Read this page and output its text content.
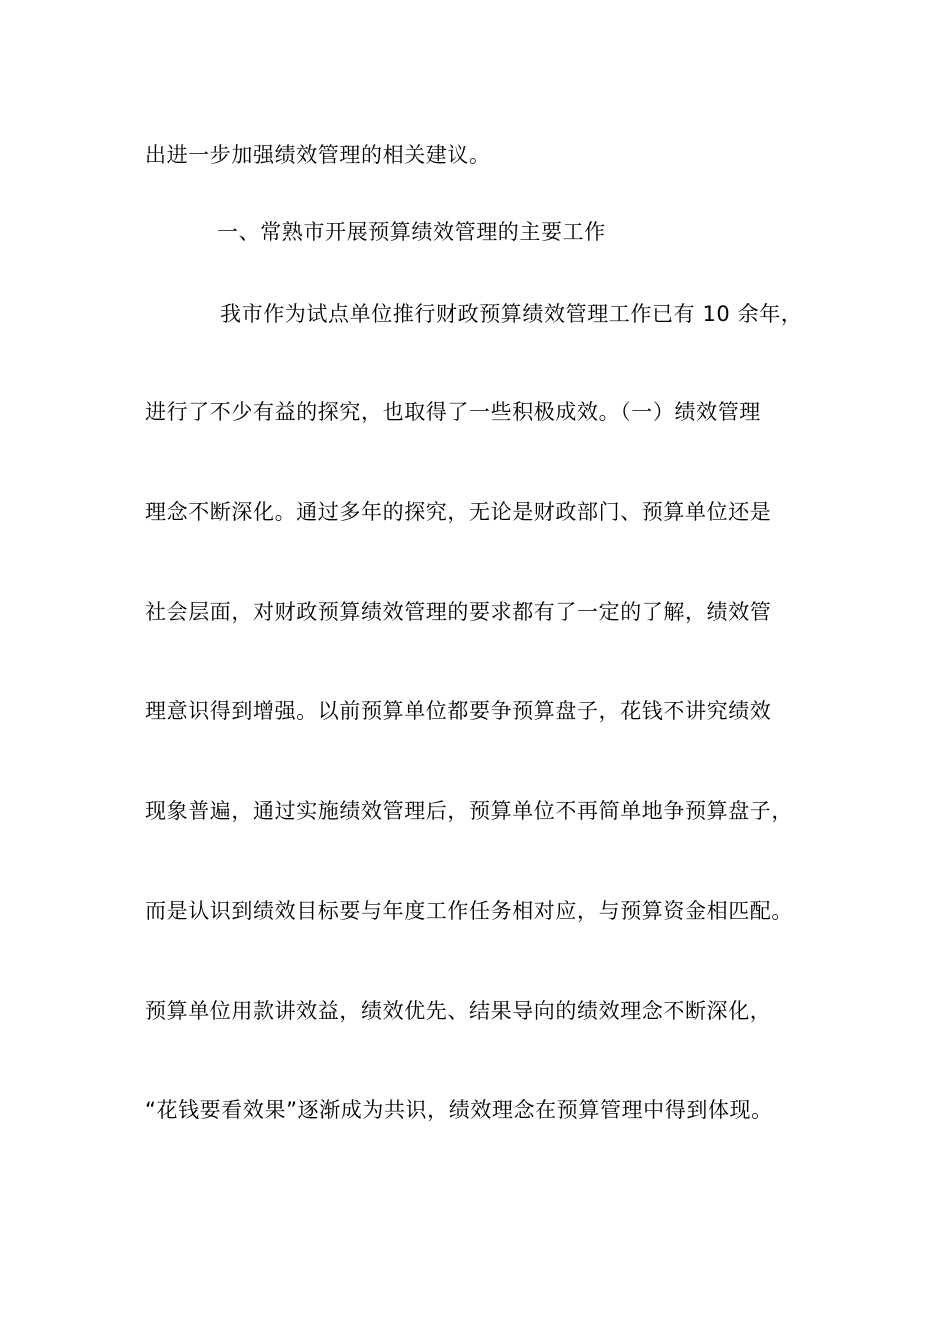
出进一步加强绩效管理的相关建议。
一、常熟市开展预算绩效管理的主要工作
我市作为试点单位推行财政预算绩效管理工作已有 10 余年，
进行了不少有益的探究，也取得了一些积极成效。（一）绩效管理
理念不断深化。通过多年的探究，无论是财政部门、预算单位还是
社会层面，对财政预算绩效管理的要求都有了一定的了解，绩效管
理意识得到增强。以前预算单位都要争预算盘子，花钱不讲究绩效
现象普遍，通过实施绩效管理后，预算单位不再简单地争预算盘子，
而是认识到绩效目标要与年度工作任务相对应，与预算资金相匹配。
预算单位用款讲效益，绩效优先、结果导向的绩效理念不断深化，
“花钱要看效果”逐渐成为共识，绩效理念在预算管理中得到体现。
